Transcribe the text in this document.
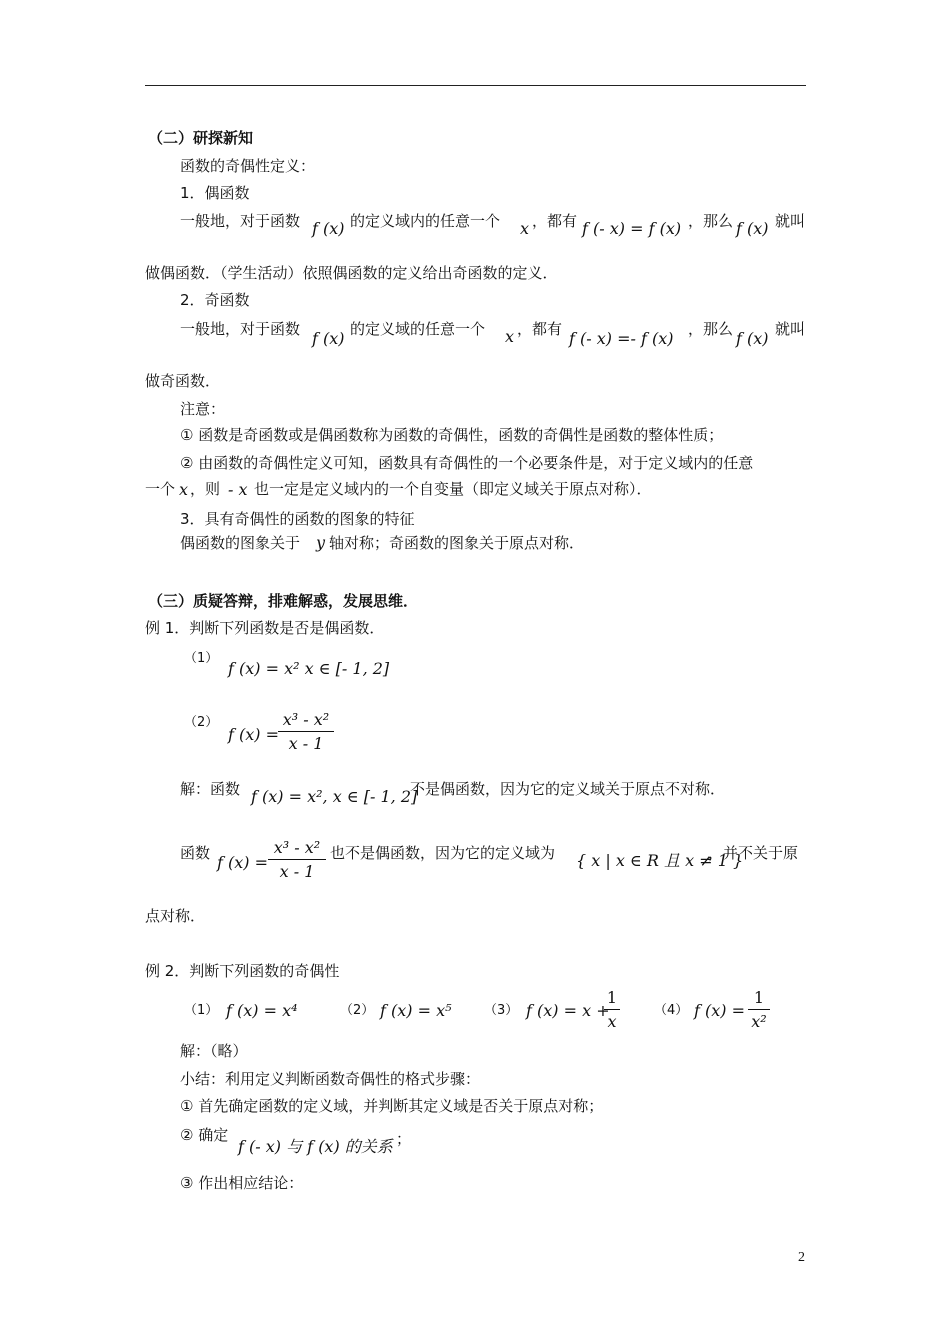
（二）研探新知
函数的奇偶性定义：
1．偶函数
一般地，对于函数 f (x) 的定义域内的任意一个 x ，都有 f (- x) = f (x) ，那么 f (x) 就叫
做偶函数．（学生活动）依照偶函数的定义给出奇函数的定义．
2．奇函数
一般地，对于函数 f (x) 的定义域的任意一个 x ，都有 f (- x) =- f (x) ，那么 f (x) 就叫
做奇函数．
注意：
① 函数是奇函数或是偶函数称为函数的奇偶性，函数的奇偶性是函数的整体性质；
② 由函数的奇偶性定义可知，函数具有奇偶性的一个必要条件是，对于定义域内的任意
一个 x ，则 - x 也一定是定义域内的一个自变量（即定义域关于原点对称）．
3．具有奇偶性的函数的图象的特征
偶函数的图象关于 y 轴对称；奇函数的图象关于原点对称．
（三）质疑答辩，排难解惑，发展思维．
例 1．判断下列函数是否是偶函数．
（1）
f (x) = x² x ∈ [- 1, 2]
（2）
f (x) =
x³ - x²
x - 1
解：函数 f (x) = x², x ∈ [- 1, 2]
不是偶函数，因为它的定义域关于原点不对称．
函数 f (x) =
x³ - x²
x - 1
也不是偶函数，因为它的定义域为 { x | x ∈ R 且 x ≠ 1 }
，并不关于原
点对称．
例 2．判断下列函数的奇偶性
（1） f (x) = x⁴	（2） f (x) = x⁵ （3） f (x) = x +
1
x
（4） f (x) =
1
x²
解：（略）
小结：利用定义判断函数奇偶性的格式步骤：
① 首先确定函数的定义域，并判断其定义域是否关于原点对称；
② 确定
f (- x) 与 f (x) 的关系 ；
③ 作出相应结论：
2
